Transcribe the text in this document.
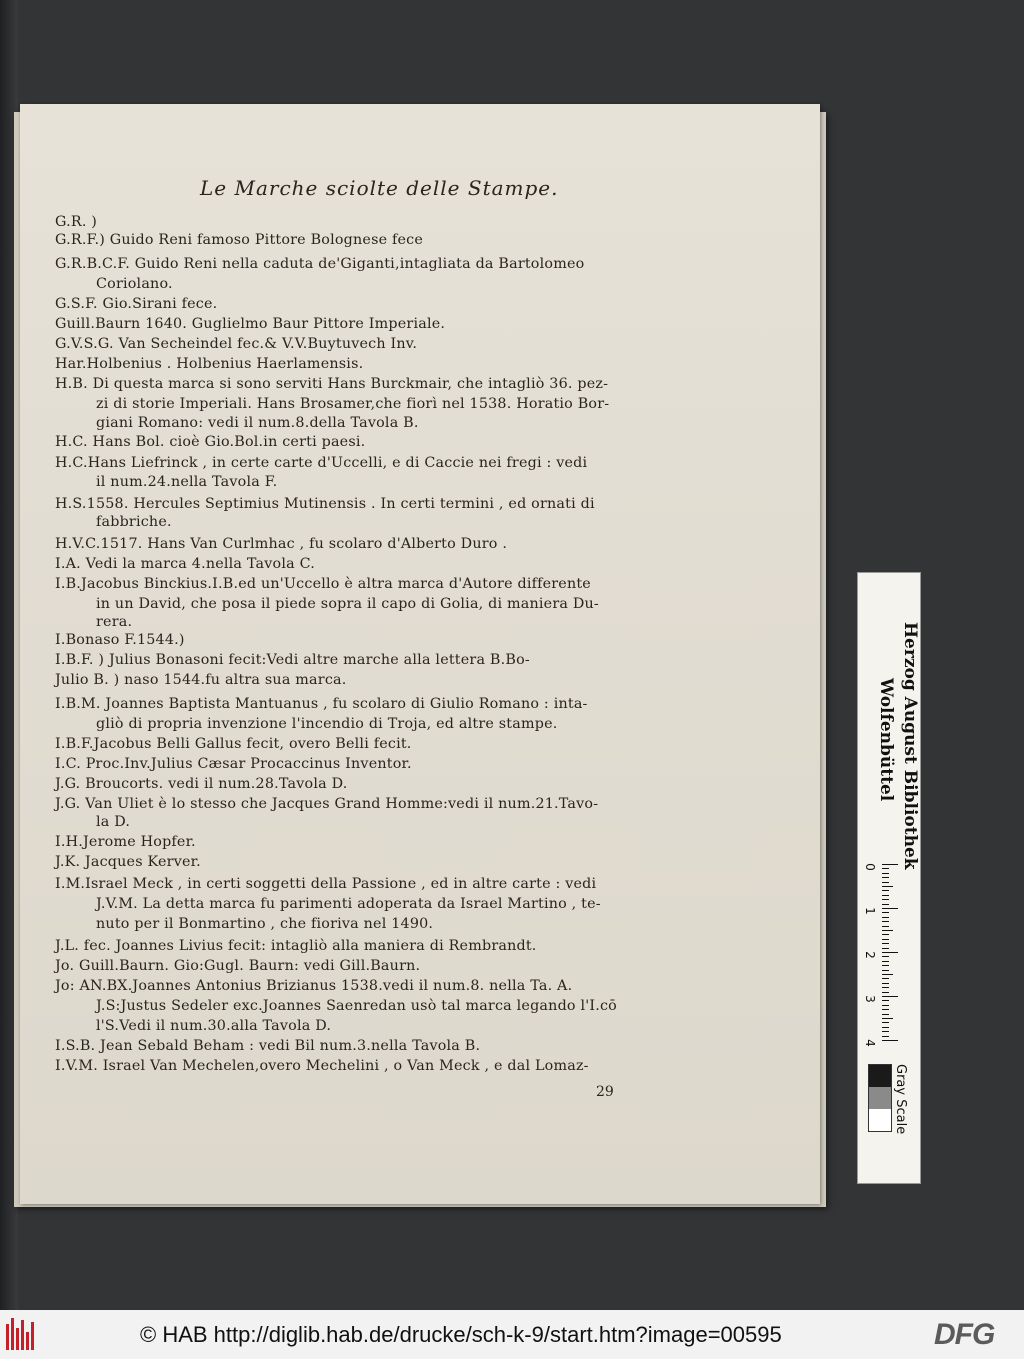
Le Marche sciolte delle Stampe.
G.R. )
G.R.F.) Guido Reni famoso Pittore Bolognese fece
G.R.B.C.F. Guido Reni nella caduta de'Giganti,intagliata da Bartolomeo
Coriolano.
G.S.F. Gio.Sirani fece.
Guill.Baurn 1640. Guglielmo Baur Pittore Imperiale.
G.V.S.G. Van Secheindel fec.& V.V.Buytuvech Inv.
Har.Holbenius . Holbenius Haerlamensis.
H.B. Di questa marca si sono serviti Hans Burckmair, che intagliò 36. pez-
zi di storie Imperiali. Hans Brosamer,che fiorì nel 1538. Horatio Bor-
giani Romano: vedi il num.8.della Tavola B.
H.C. Hans Bol. cioè Gio.Bol.in certi paesi.
H.C.Hans Liefrinck , in certe carte d'Uccelli, e di Caccie nei fregi : vedi
il num.24.nella Tavola F.
H.S.1558. Hercules Septimius Mutinensis . In certi termini , ed ornati di
fabbriche.
H.V.C.1517. Hans Van Curlmhac , fu scolaro d'Alberto Duro .
I.A. Vedi la marca 4.nella Tavola C.
I.B.Jacobus Binckius.I.B.ed un'Uccello è altra marca d'Autore differente
in un David, che posa il piede sopra il capo di Golia, di maniera Du-
rera.
I.Bonaso F.1544.)
I.B.F. ) Julius Bonasoni fecit:Vedi altre marche alla lettera B.Bo-
Julio B. ) naso 1544.fu altra sua marca.
I.B.M. Joannes Baptista Mantuanus , fu scolaro di Giulio Romano : inta-
gliò di propria invenzione l'incendio di Troja, ed altre stampe.
I.B.F.Jacobus Belli Gallus fecit, overo Belli fecit.
I.C. Proc.Inv.Julius Cæsar Procaccinus Inventor.
J.G. Broucorts. vedi il num.28.Tavola D.
J.G. Van Uliet è lo stesso che Jacques Grand Homme:vedi il num.21.Tavo-
la D.
I.H.Jerome Hopfer.
J.K. Jacques Kerver.
I.M.Israel Meck , in certi soggetti della Passione , ed in altre carte : vedi
J.V.M. La detta marca fu parimenti adoperata da Israel Martino , te-
nuto per il Bonmartino , che fioriva nel 1490.
J.L. fec. Joannes Livius fecit: intagliò alla maniera di Rembrandt.
Jo. Guill.Baurn. Gio:Gugl. Baurn: vedi Gill.Baurn.
Jo: AN.BX.Joannes Antonius Brizianus 1538.vedi il num.8. nella Ta. A.
J.S:Justus Sedeler exc.Joannes Saenredan usò tal marca legando l'I.cō
l'S.Vedi il num.30.alla Tavola D.
I.S.B. Jean Sebald Beham : vedi Bil num.3.nella Tavola B.
I.V.M. Israel Van Mechelen,overo Mechelini , o Van Meck , e dal Lomaz-
29
Herzog August Bibliothek
Wolfenbüttel
0
1
2
3
4
Gray Scale
© HAB http://diglib.hab.de/drucke/sch-k-9/start.htm?image=00595	DFG
